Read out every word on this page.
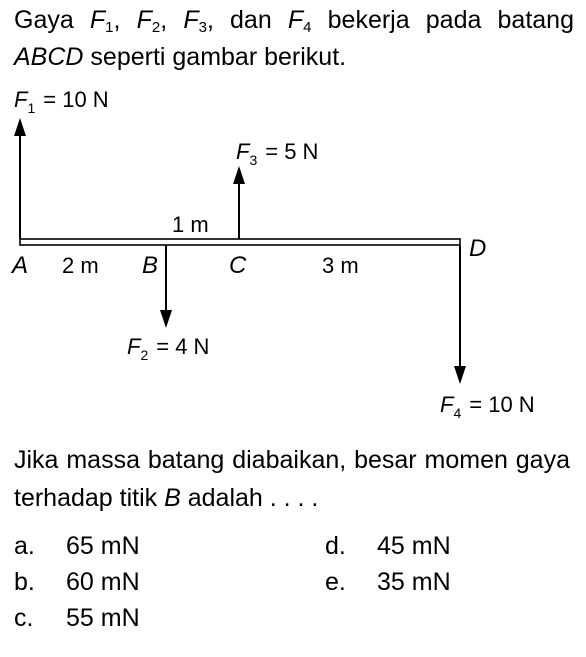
Gaya $F_1$, $F_2$, $F_3$, dan $F_4$ bekerja pada batang ABCD seperti gambar berikut.

A	B	C
D
2 m
1 m
3 m
$F_1 = 10$ N
$F_3 = 5$ N
$F_2 = 4$ N
$F_4 = 10$ N

Jika massa batang diabaikan, besar momen gaya terhadap titik B adalah . . . .

a. 65 mN
b. 60 mN
c. 55 mN
d. 45 mN
e. 35 mN
